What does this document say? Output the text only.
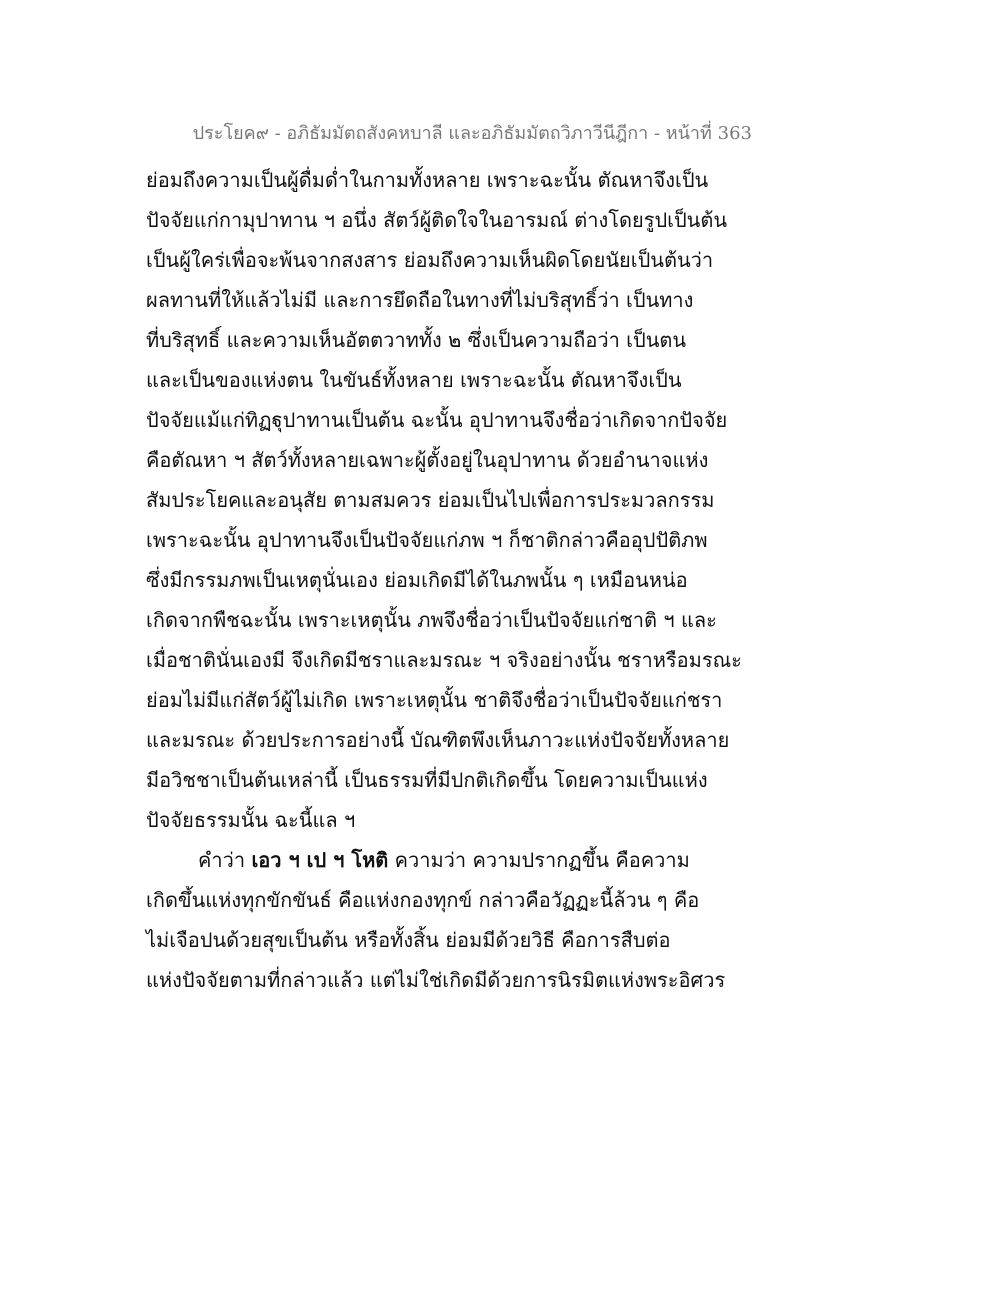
ประโยค๙ - อภิธัมมัตถสังคหบาลี และอภิธัมมัตถวิภาวีนีฎีกา - หน้าที่ 363
ย่อมถึงความเป็นผู้ดื่มด่ำในกามทั้งหลาย เพราะฉะนั้น ตัณหาจึงเป็น
ปัจจัยแก่กามุปาทาน ฯ อนึ่ง สัตว์ผู้ติดใจในอารมณ์ ต่างโดยรูปเป็นต้น
เป็นผู้ใคร่เพื่อจะพ้นจากสงสาร ย่อมถึงความเห็นผิดโดยนัยเป็นต้นว่า
ผลทานที่ให้แล้วไม่มี และการยึดถือในทางที่ไม่บริสุทธิ์ว่า เป็นทาง
ที่บริสุทธิ์ และความเห็นอัตตวาททั้ง ๒ ซึ่งเป็นความถือว่า เป็นตน
และเป็นของแห่งตน ในขันธ์ทั้งหลาย เพราะฉะนั้น ตัณหาจึงเป็น
ปัจจัยแม้แก่ทิฏฐุปาทานเป็นต้น ฉะนั้น อุปาทานจึงชื่อว่าเกิดจากปัจจัย
คือตัณหา ฯ สัตว์ทั้งหลายเฉพาะผู้ตั้งอยู่ในอุปาทาน ด้วยอำนาจแห่ง
สัมประโยคและอนุสัย ตามสมควร ย่อมเป็นไปเพื่อการประมวลกรรม
เพราะฉะนั้น อุปาทานจึงเป็นปัจจัยแก่ภพ ฯ ก็ชาติกล่าวคืออุปปัติภพ
ซึ่งมีกรรมภพเป็นเหตุนั่นเอง ย่อมเกิดมีได้ในภพนั้น ๆ เหมือนหน่อ
เกิดจากพืชฉะนั้น เพราะเหตุนั้น ภพจึงชื่อว่าเป็นปัจจัยแก่ชาติ ฯ และ
เมื่อชาตินั่นเองมี จึงเกิดมีชราและมรณะ ฯ จริงอย่างนั้น ชราหรือมรณะ
ย่อมไม่มีแก่สัตว์ผู้ไม่เกิด เพราะเหตุนั้น ชาติจึงชื่อว่าเป็นปัจจัยแก่ชรา
และมรณะ ด้วยประการอย่างนี้ บัณฑิตพึงเห็นภาวะแห่งปัจจัยทั้งหลาย
มีอวิชชาเป็นต้นเหล่านี้ เป็นธรรมที่มีปกติเกิดขึ้น โดยความเป็นแห่ง
ปัจจัยธรรมนั้น ฉะนี้แล ฯ
คำว่า เอว ฯ เป ฯ โหติ ความว่า ความปรากฏขึ้น คือความ
เกิดขึ้นแห่งทุกขักขันธ์ คือแห่งกองทุกข์ กล่าวคือวัฏฏะนี้ล้วน ๆ คือ
ไม่เจือปนด้วยสุขเป็นต้น หรือทั้งสิ้น ย่อมมีด้วยวิธี คือการสืบต่อ
แห่งปัจจัยตามที่กล่าวแล้ว แต่ไม่ใช่เกิดมีด้วยการนิรมิตแห่งพระอิศวร
